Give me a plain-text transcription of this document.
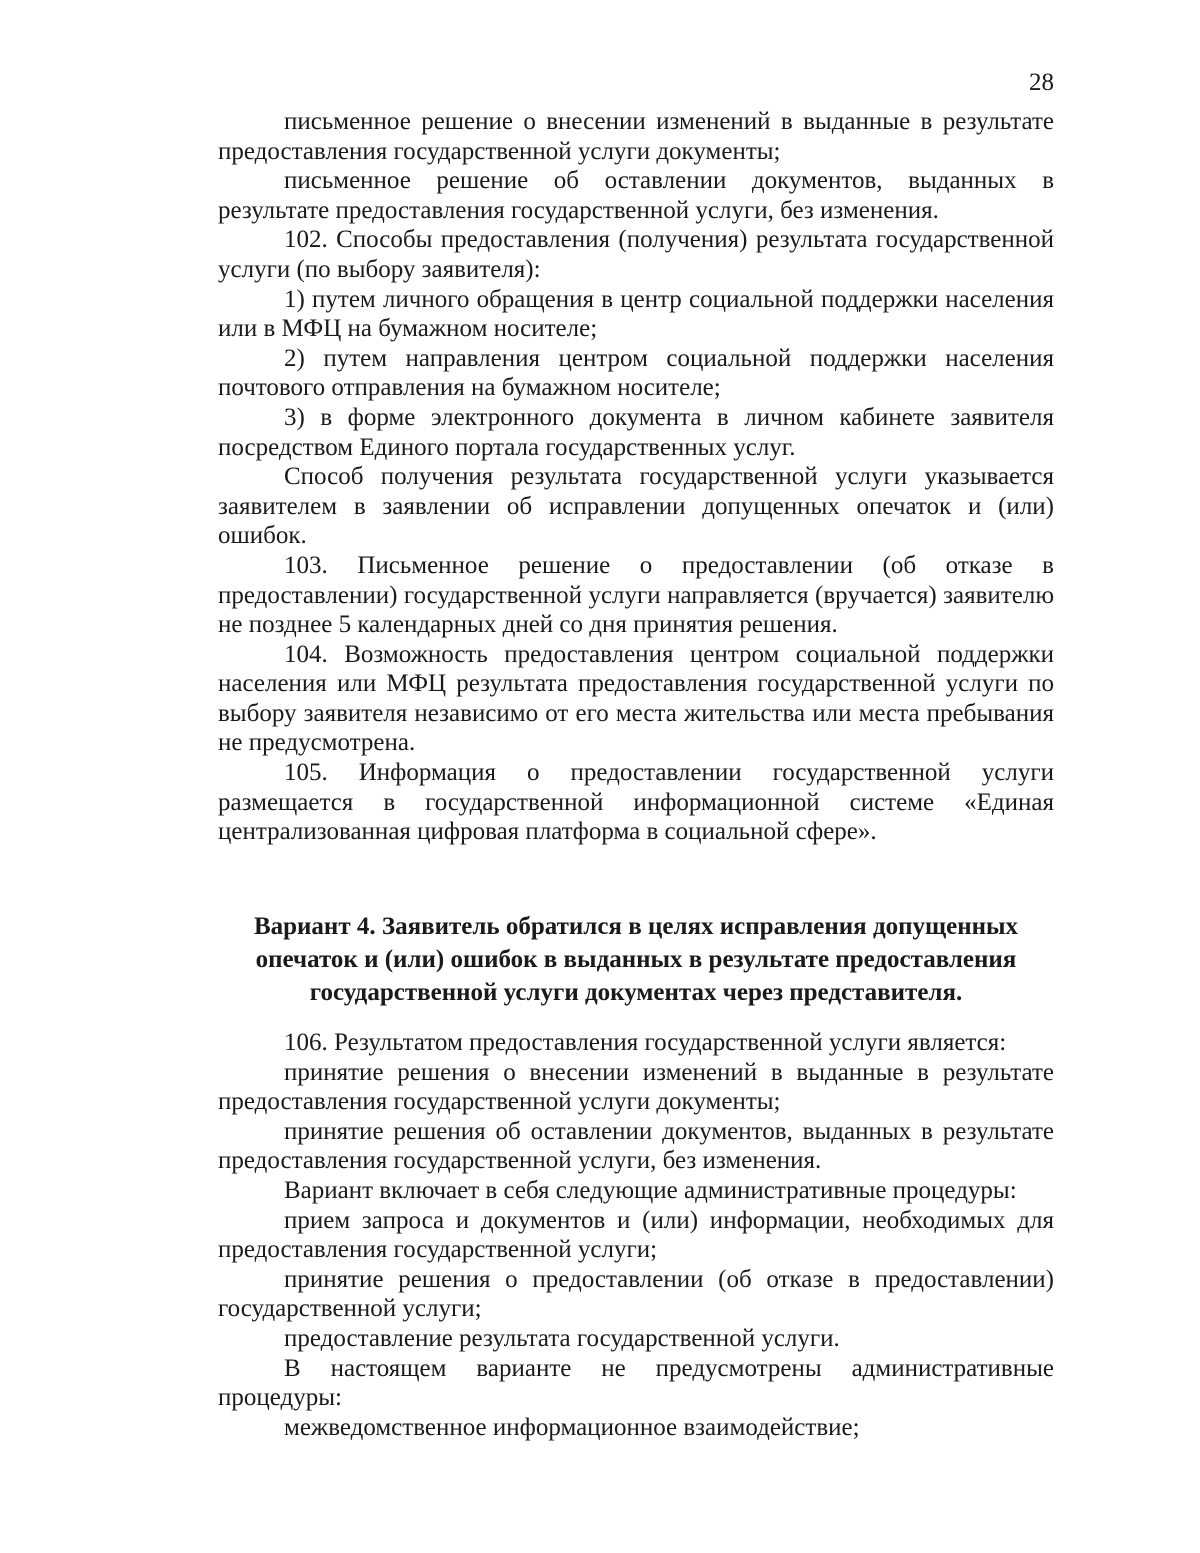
28

письменное решение о внесении изменений в выданные в результате предоставления государственной услуги документы;

письменное решение об оставлении документов, выданных в результате предоставления государственной услуги, без изменения.

102. Способы предоставления (получения) результата государственной услуги (по выбору заявителя):

1) путем личного обращения в центр социальной поддержки населения или в МФЦ на бумажном носителе;

2) путем направления центром социальной поддержки населения почтового отправления на бумажном носителе;

3) в форме электронного документа в личном кабинете заявителя посредством Единого портала государственных услуг.

Способ получения результата государственной услуги указывается заявителем в заявлении об исправлении допущенных опечаток и (или) ошибок.

103. Письменное решение о предоставлении (об отказе в предоставлении) государственной услуги направляется (вручается) заявителю не позднее 5 календарных дней со дня принятия решения.

104. Возможность предоставления центром социальной поддержки населения или МФЦ результата предоставления государственной услуги по выбору заявителя независимо от его места жительства или места пребывания не предусмотрена.

105. Информация о предоставлении государственной услуги размещается в государственной информационной системе «Единая централизованная цифровая платформа в социальной сфере».

Вариант 4. Заявитель обратился в целях исправления допущенных
опечаток и (или) ошибок в выданных в результате предоставления
государственной услуги документах через представителя.

106. Результатом предоставления государственной услуги является:

принятие решения о внесении изменений в выданные в результате предоставления государственной услуги документы;

принятие решения об оставлении документов, выданных в результате предоставления государственной услуги, без изменения.

Вариант включает в себя следующие административные процедуры:

прием запроса и документов и (или) информации, необходимых для предоставления государственной услуги;

принятие решения о предоставлении (об отказе в предоставлении) государственной услуги;

предоставление результата государственной услуги.

В настоящем варианте не предусмотрены административные процедуры:

межведомственное информационное взаимодействие;
